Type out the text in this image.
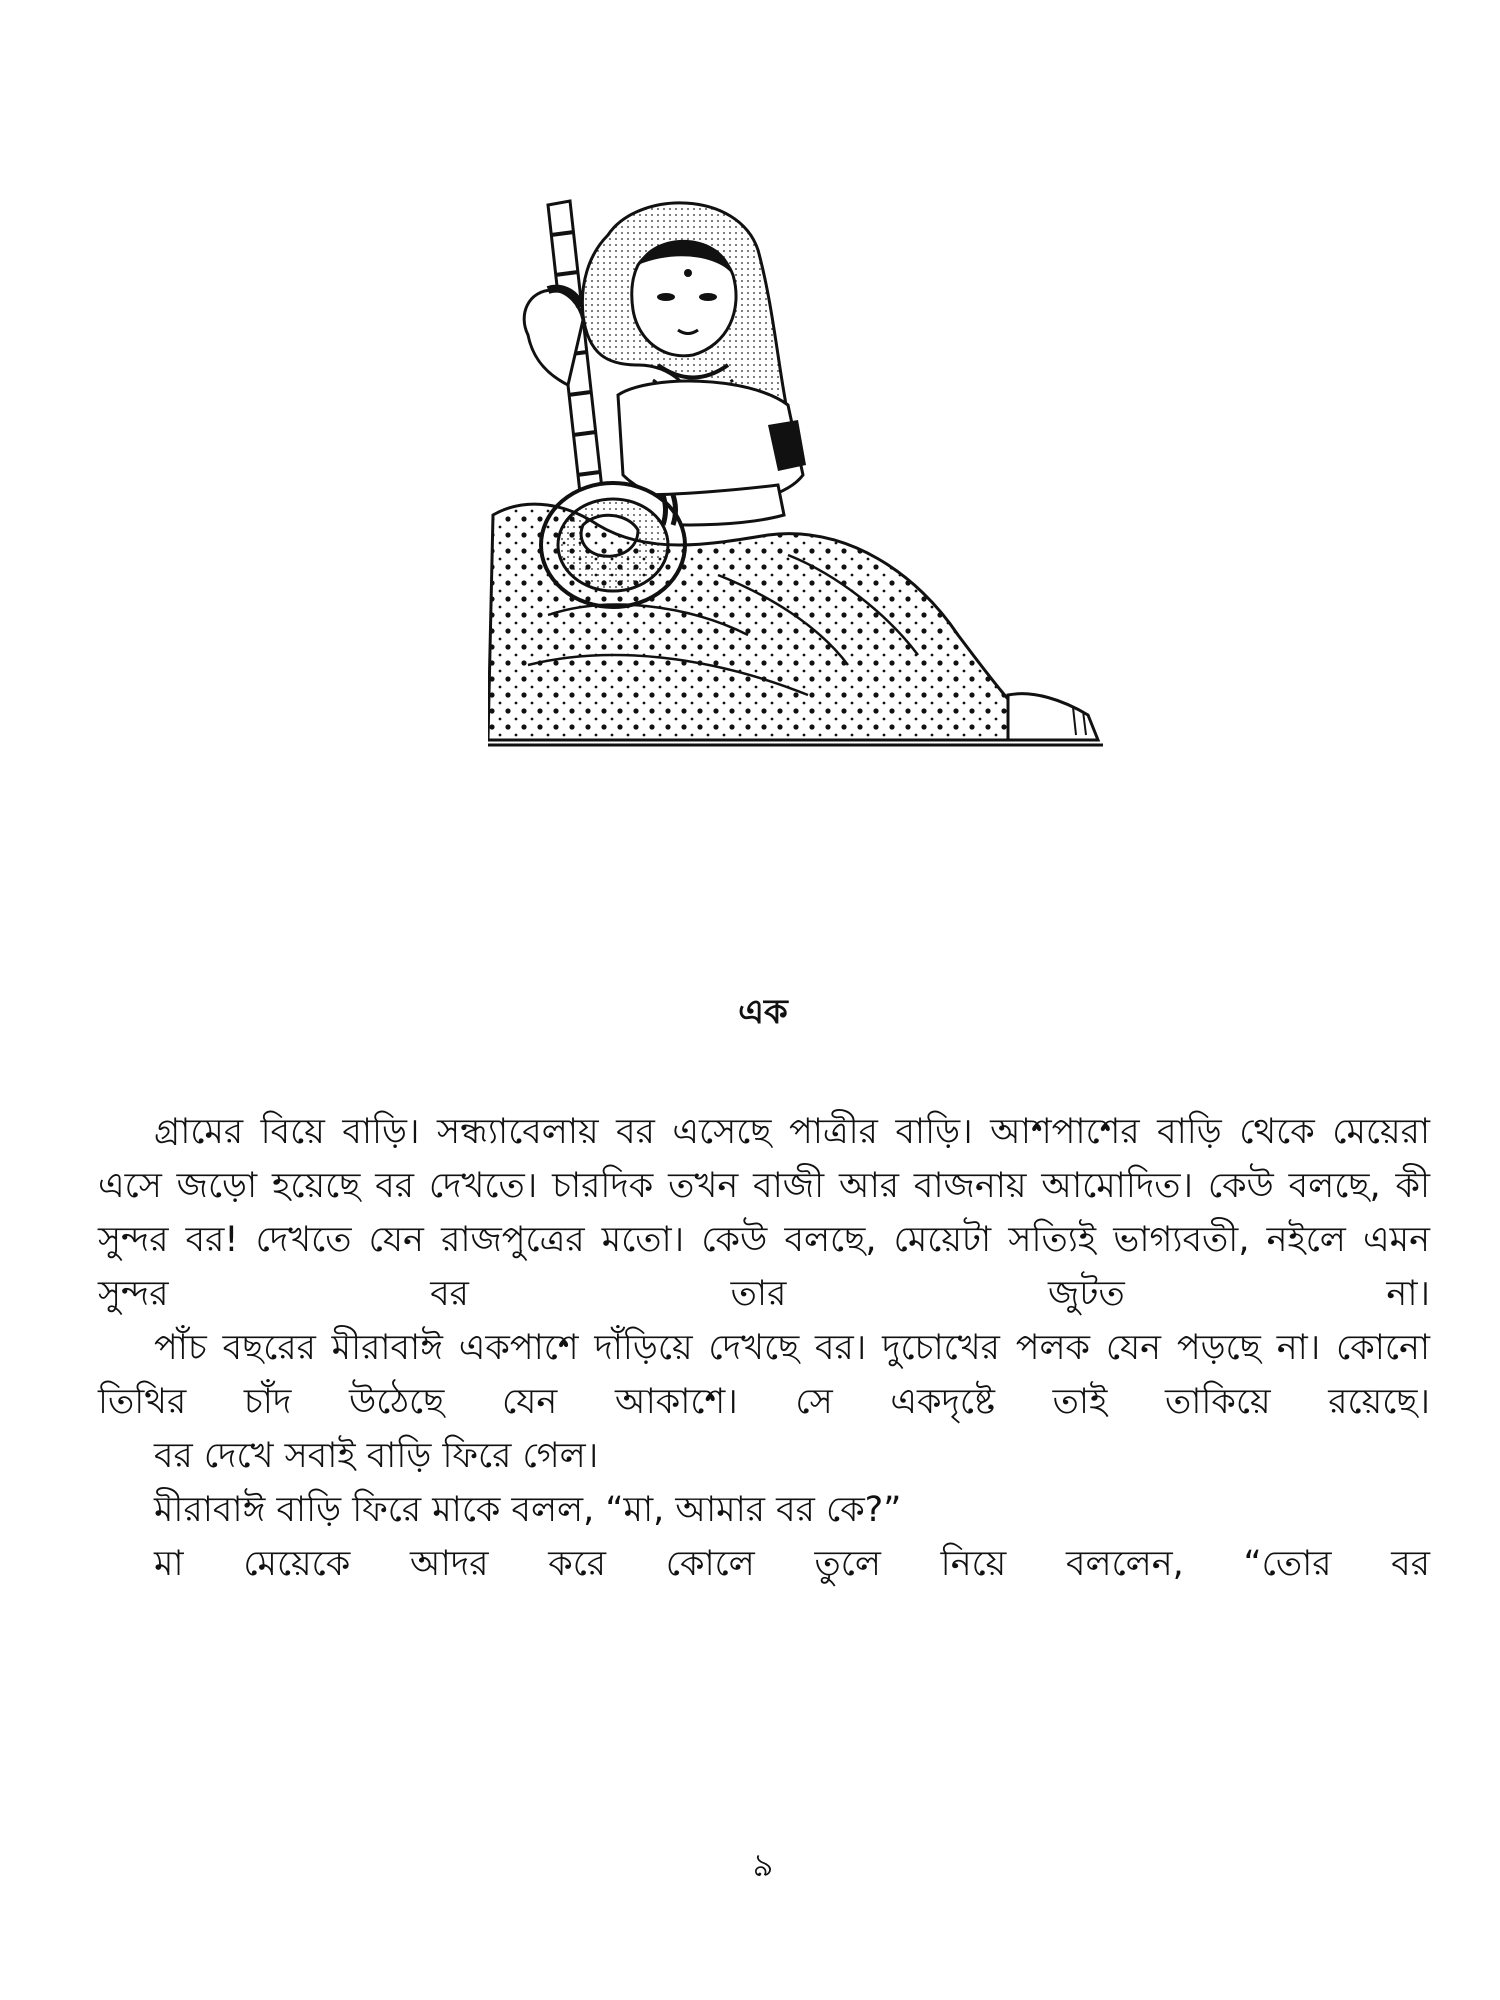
এক

গ্রামের বিয়ে বাড়ি। সন্ধ্যাবেলায় বর এসেছে পাত্রীর বাড়ি। আশপাশের বাড়ি থেকে মেয়েরা এসে জড়ো হয়েছে বর দেখতে। চারদিক তখন বাজী আর বাজনায় আমোদিত। কেউ বলছে, কী সুন্দর বর! দেখতে যেন রাজপুত্রের মতো। কেউ বলছে, মেয়েটা সত্যিই ভাগ্যবতী, নইলে এমন সুন্দর বর তার জুটত না।

পাঁচ বছরের মীরাবাঈ একপাশে দাঁড়িয়ে দেখছে বর। দুচোখের পলক যেন পড়ছে না। কোনো তিথির চাঁদ উঠেছে যেন আকাশে। সে একদৃষ্টে তাই তাকিয়ে রয়েছে।

বর দেখে সবাই বাড়ি ফিরে গেল।

মীরাবাঈ বাড়ি ফিরে মাকে বলল, “মা, আমার বর কে?”

মা মেয়েকে আদর করে কোলে তুলে নিয়ে বললেন, “তোর বর

৯
